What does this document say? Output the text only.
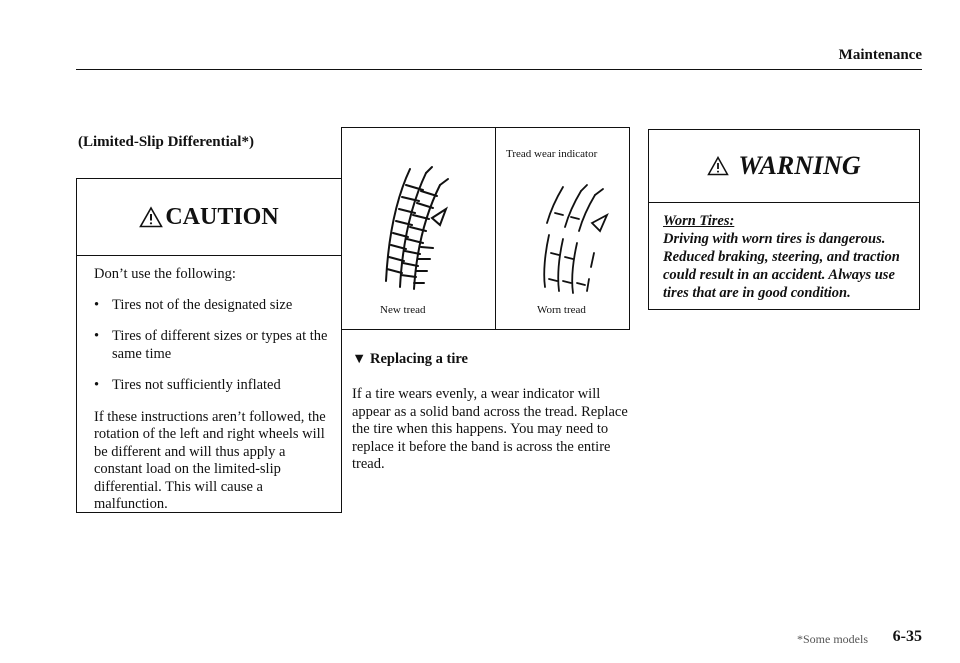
Maintenance
(Limited-Slip Differential*)
CAUTION

Don’t use the following:

• Tires not of the designated size
• Tires of different sizes or types at the same time
• Tires not sufficiently inflated

If these instructions aren’t followed, the rotation of the left and right wheels will be different and will thus apply a constant load on the limited-slip differential. This will cause a malfunction.

Tread wear indicator
New tread	Worn tread
▼ Replacing a tire
If a tire wears evenly, a wear indicator will appear as a solid band across the tread. Replace the tire when this happens. You may need to replace it before the band is across the entire tread.
WARNING
Worn Tires:
Driving with worn tires is dangerous. Reduced braking, steering, and traction could result in an accident. Always use tires that are in good condition.
*Some models 6-35
